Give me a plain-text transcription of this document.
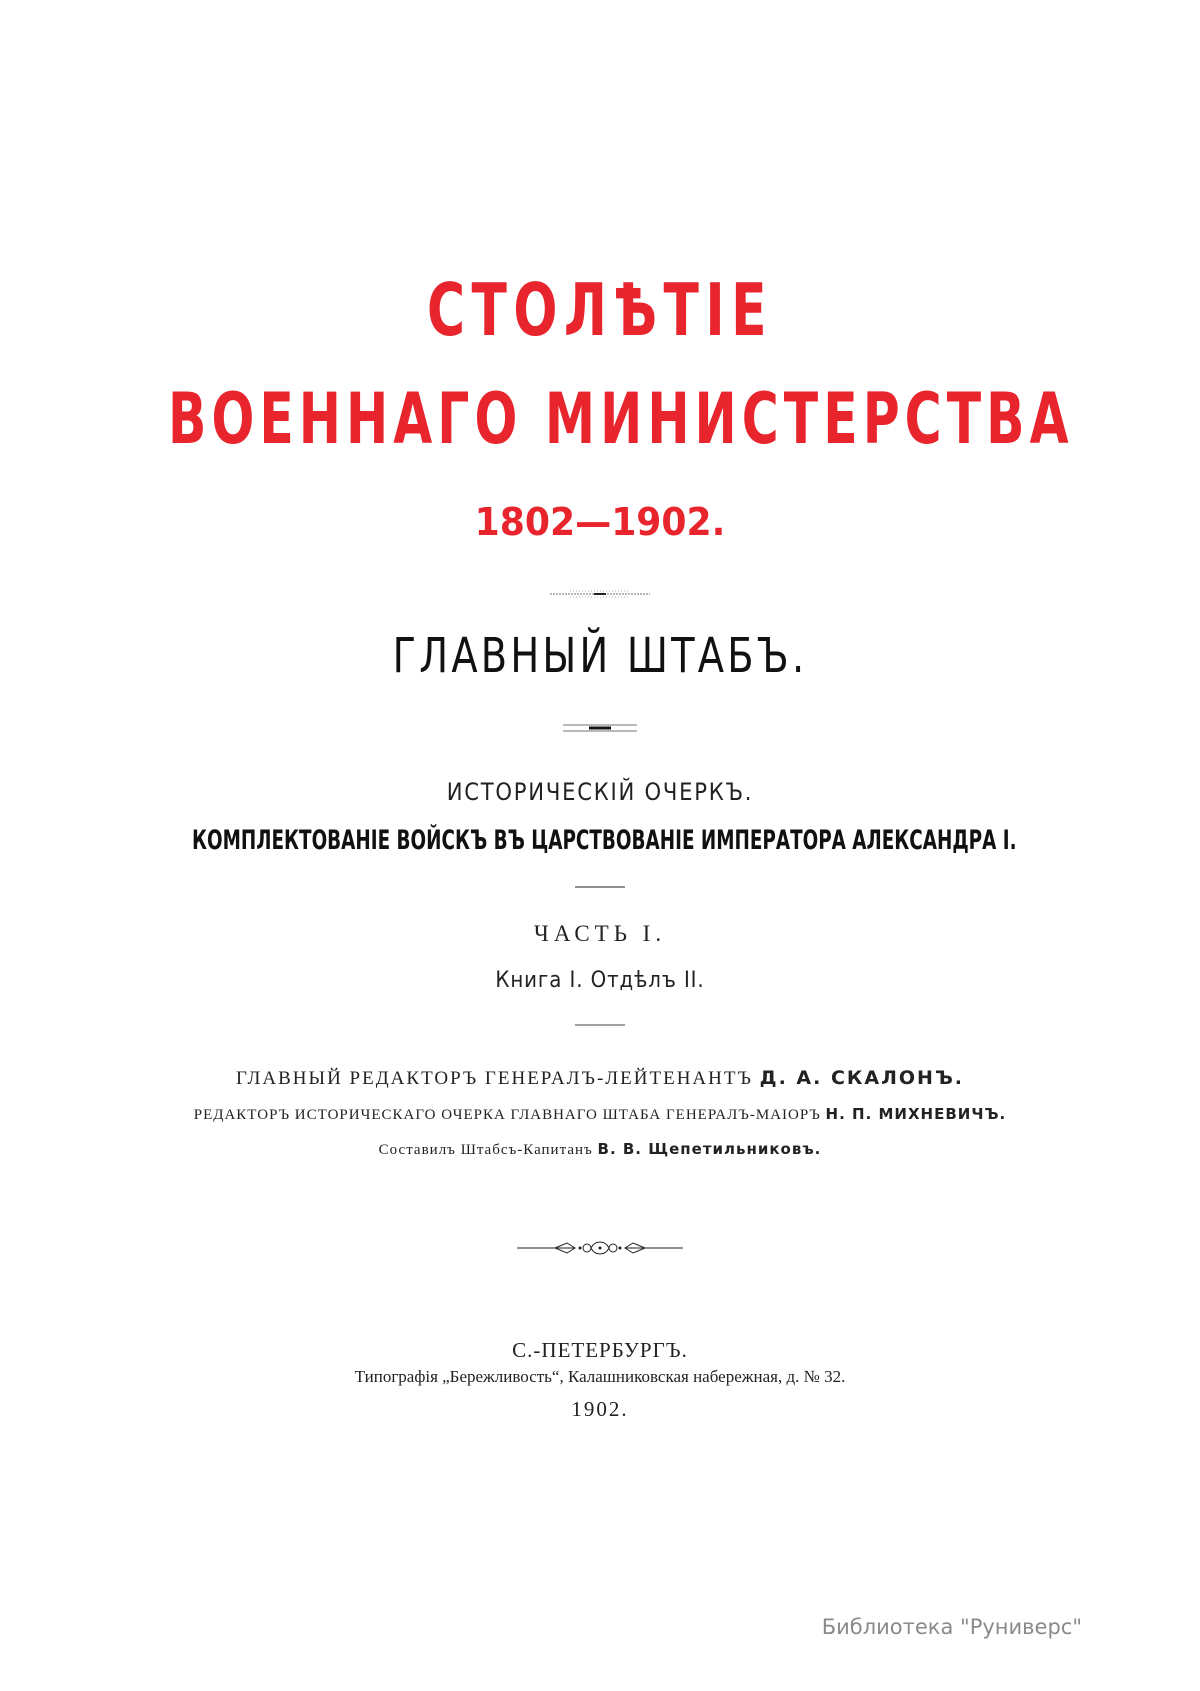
СТОЛѢТІЕ
ВОЕННАГО МИНИСТЕРСТВА
1802—1902.
ГЛАВНЫЙ ШТАБЪ.
ИСТОРИЧЕСКІЙ ОЧЕРКЪ.
КОМПЛЕКТОВАНІЕ ВОЙСКЪ ВЪ ЦАРСТВОВАНІЕ ИМПЕРАТОРА АЛЕКСАНДРА I.
ЧАСТЬ I.
Книга I. Отдѣлъ II.
ГЛАВНЫЙ РЕДАКТОРЪ ГЕНЕРАЛЪ-ЛЕЙТЕНАНТЪ Д. А. СКАЛОНЪ.
РЕДАКТОРЪ ИСТОРИЧЕСКАГО ОЧЕРКА ГЛАВНАГО ШТАБА ГЕНЕРАЛЪ-МАІОРЪ Н. П. МИХНЕВИЧЪ.
Составилъ Штабсъ-Капитанъ В. В. Щепетильниковъ.
С.-ПЕТЕРБУРГЪ.
Типографія „Бережливость“, Калашниковская набережная, д. № 32.
1902.
Библиотека "Руниверс"
